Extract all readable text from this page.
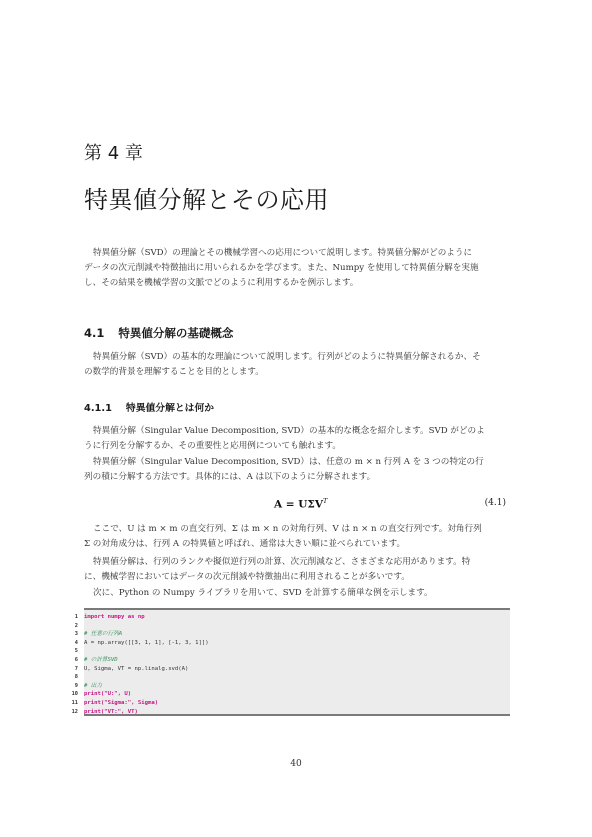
第 4 章
特異値分解とその応用

特異値分解（SVD）の理論とその機械学習への応用について説明します。特異値分解がどのように

データの次元削減や特徴抽出に用いられるかを学びます。また、Numpy を使用して特異値分解を実施

し、その結果を機械学習の文脈でどのように利用するかを例示します。

4.1 特異値分解の基礎概念

特異値分解（SVD）の基本的な理論について説明します。行列がどのように特異値分解されるか、そ

の数学的背景を理解することを目的とします。

4.1.1 特異値分解とは何か

特異値分解（Singular Value Decomposition, SVD）の基本的な概念を紹介します。SVD がどのよ

うに行列を分解するか、その重要性と応用例についても触れます。

特異値分解（Singular Value Decomposition, SVD）は、任意の m × n 行列 A を 3 つの特定の行

列の積に分解する方法です。具体的には、A は以下のように分解されます。

$A = U\Sigma V^T$	(4.1)

ここで、U は m × m の直交行列、Σ は m × n の対角行列、V は n × n の直交行列です。対角行列

Σ の対角成分は、行列 A の特異値と呼ばれ、通常は大きい順に並べられています。

特異値分解は、行列のランクや擬似逆行列の計算、次元削減など、さまざまな応用があります。特

に、機械学習においてはデータの次元削減や特徴抽出に利用されることが多いです。

次に、Python の Numpy ライブラリを用いて、SVD を計算する簡単な例を示します。

1 import numpy as np
2
3 # 任意の行列A
4 A = np.array([[3, 1, 1], [-1, 3, 1]])
5
6 # の計算SVD
7 U, Sigma, VT = np.linalg.svd(A)
8
9 # 出力
10 print("U:", U)
11 print("Sigma:", Sigma)
12 print("VT:", VT)
40
